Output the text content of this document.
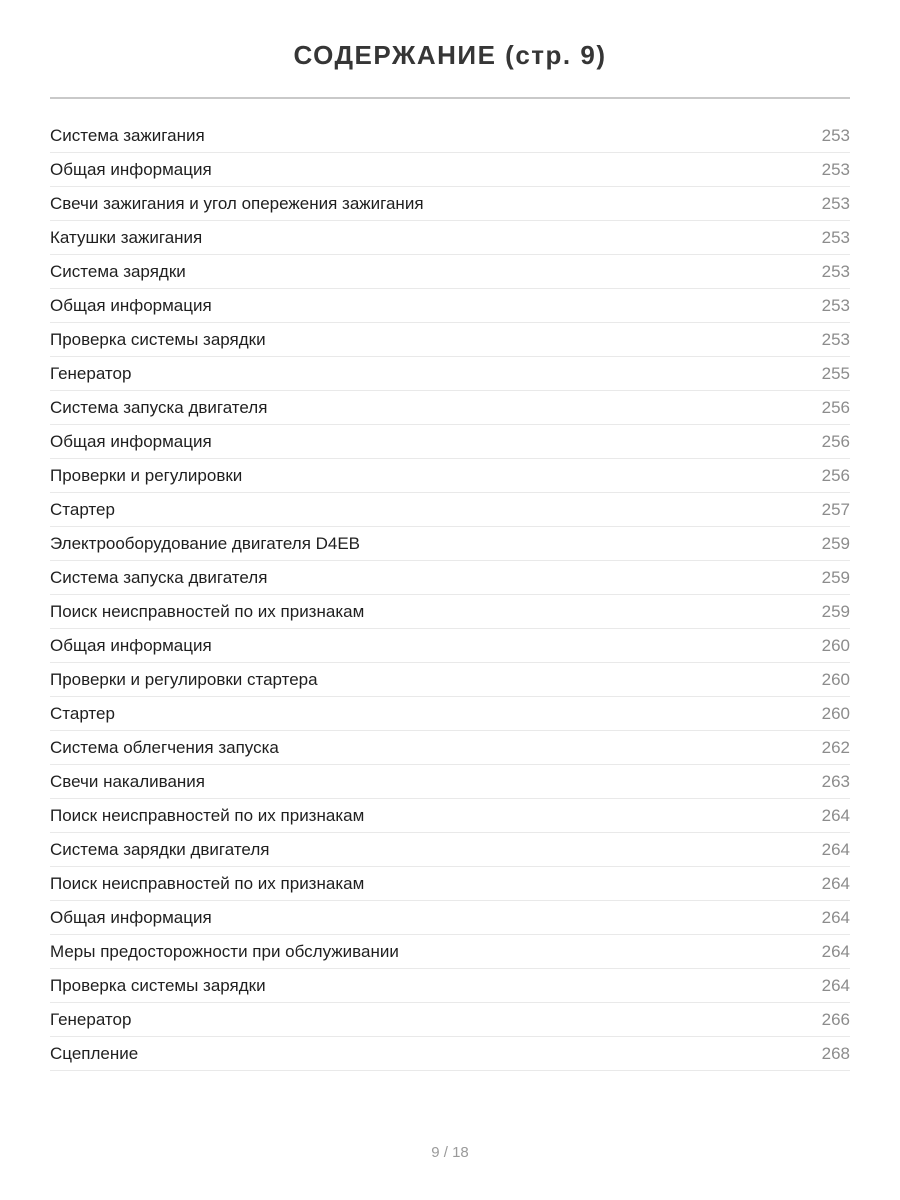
СОДЕРЖАНИЕ (стр. 9)
Система зажигания	253
Общая информация	253
Свечи зажигания и угол опережения зажигания	253
Катушки зажигания	253
Система зарядки	253
Общая информация	253
Проверка системы зарядки	253
Генератор	255
Система запуска двигателя	256
Общая информация	256
Проверки и регулировки	256
Стартер	257
Электрооборудование двигателя D4EB	259
Система запуска двигателя	259
Поиск неисправностей по их признакам	259
Общая информация	260
Проверки и регулировки стартера	260
Стартер	260
Система облегчения запуска	262
Свечи накаливания	263
Поиск неисправностей по их признакам	264
Система зарядки двигателя	264
Поиск неисправностей по их признакам	264
Общая информация	264
Меры предосторожности при обслуживании	264
Проверка системы зарядки	264
Генератор	266
Сцепление	268
9 / 18
